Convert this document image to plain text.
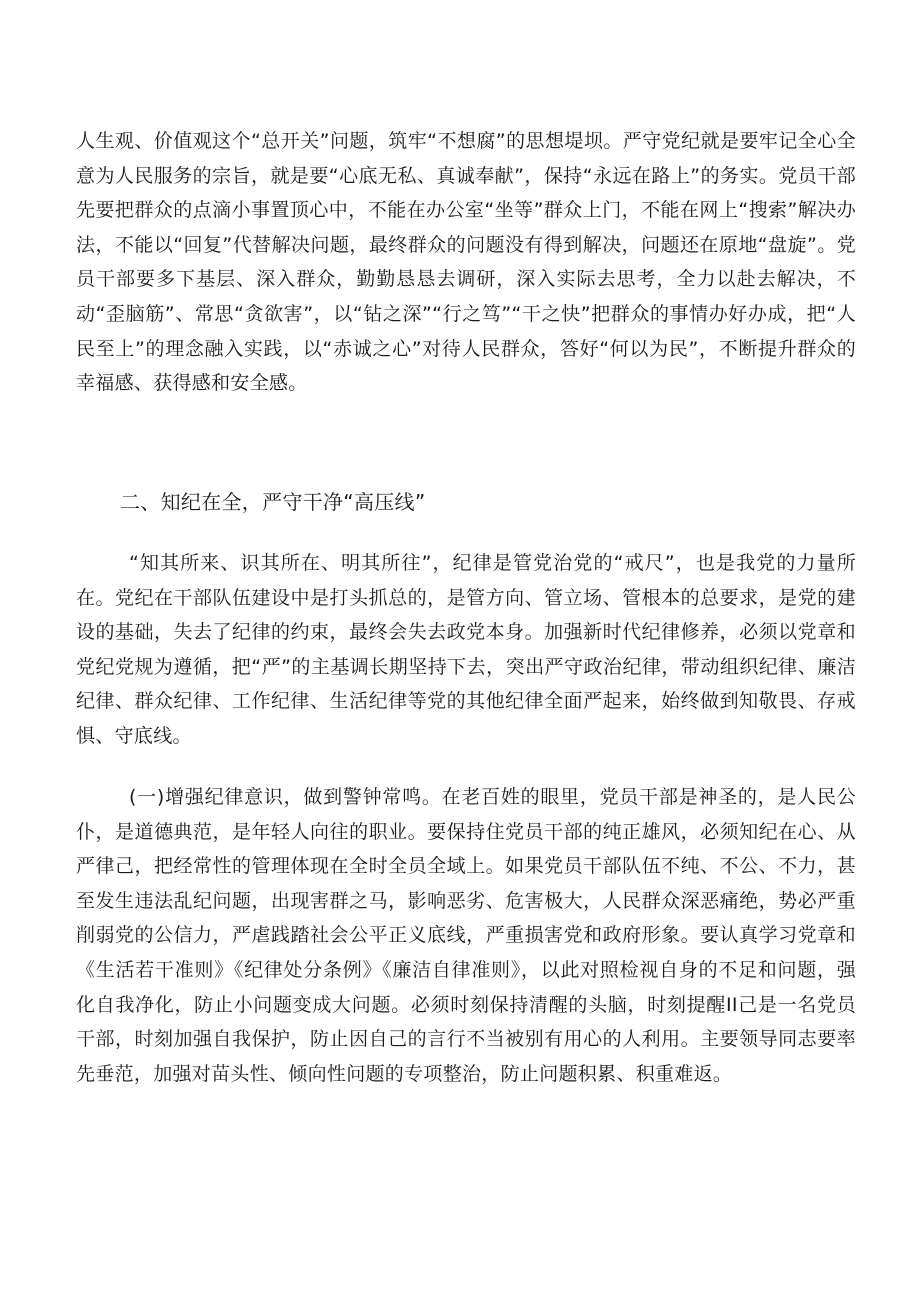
人生观、价值观这个“总开关”问题，筑牢“不想腐”的思想堤坝。严守党纪就是要牢记全心全意为人民服务的宗旨，就是要“心底无私、真诚奉献”，保持“永远在路上”的务实。党员干部先要把群众的点滴小事置顶心中，不能在办公室“坐等”群众上门，不能在网上“搜索”解决办法，不能以“回复”代替解决问题，最终群众的问题没有得到解决，问题还在原地“盘旋”。党员干部要多下基层、深入群众，勤勤恳恳去调研，深入实际去思考，全力以赴去解决，不动“歪脑筋”、常思“贪欲害”，以“钻之深”“行之笃”“干之快”把群众的事情办好办成，把“人民至上”的理念融入实践，以“赤诚之心”对待人民群众，答好“何以为民”，不断提升群众的幸福感、获得感和安全感。
二、知纪在全，严守干净“高压线”
“知其所来、识其所在、明其所往”，纪律是管党治党的“戒尺”，也是我党的力量所在。党纪在干部队伍建设中是打头抓总的，是管方向、管立场、管根本的总要求，是党的建设的基础，失去了纪律的约束，最终会失去政党本身。加强新时代纪律修养，必须以党章和党纪党规为遵循，把“严”的主基调长期坚持下去，突出严守政治纪律，带动组织纪律、廉洁纪律、群众纪律、工作纪律、生活纪律等党的其他纪律全面严起来，始终做到知敬畏、存戒惧、守底线。
(一)增强纪律意识，做到警钟常鸣。在老百姓的眼里，党员干部是神圣的，是人民公仆，是道德典范，是年轻人向往的职业。要保持住党员干部的纯正雄风，必须知纪在心、从严律己，把经常性的管理体现在全时全员全域上。如果党员干部队伍不纯、不公、不力，甚至发生违法乱纪问题，出现害群之马，影响恶劣、危害极大，人民群众深恶痛绝，势必严重削弱党的公信力，严虐践踏社会公平正义底线，严重损害党和政府形象。要认真学习党章和《生活若干准则》《纪律处分条例》《廉洁自律准则》，以此对照检视自身的不足和问题，强化自我净化，防止小问题变成大问题。必须时刻保持清醒的头脑，时刻提醒II己是一名党员干部，时刻加强自我保护，防止因自己的言行不当被别有用心的人利用。主要领导同志要率先垂范，加强对苗头性、倾向性问题的专项整治，防止问题积累、积重难返。
